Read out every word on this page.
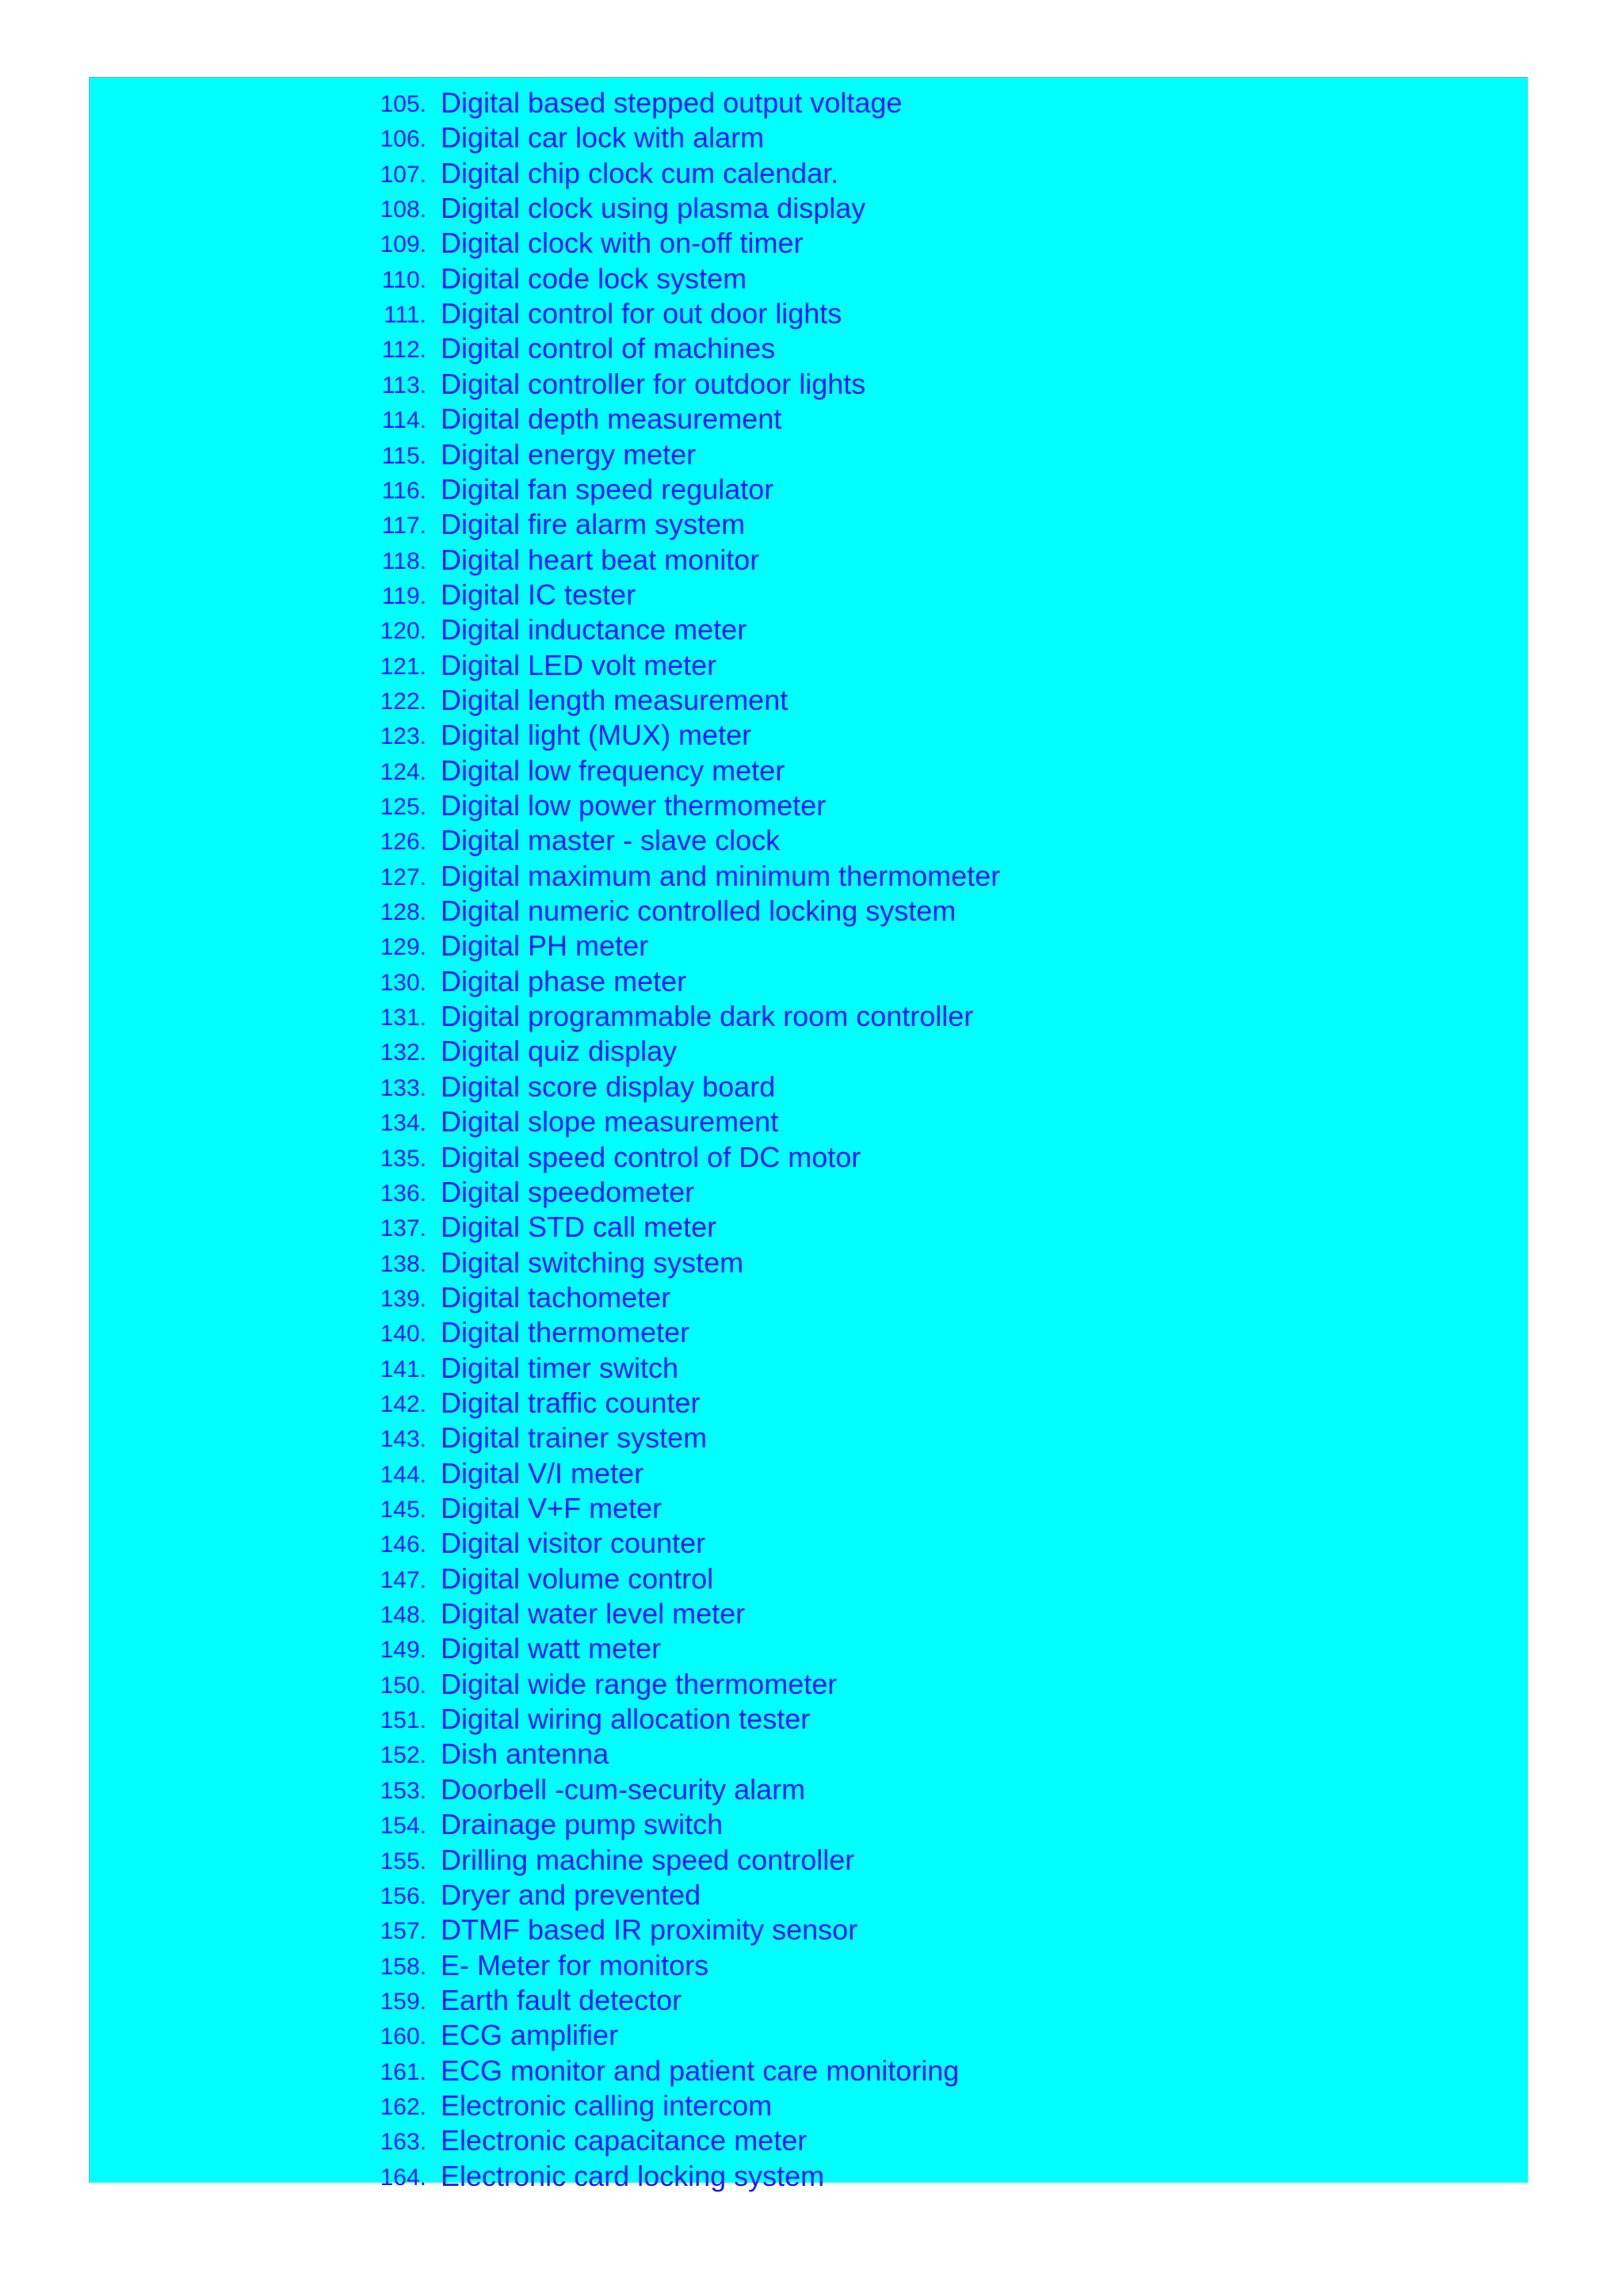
105. Digital based stepped output voltage
106. Digital car lock with alarm
107. Digital chip clock cum calendar.
108. Digital clock using plasma display
109. Digital clock with on-off timer
110. Digital code lock system
111. Digital control for out door lights
112. Digital control of machines
113. Digital controller for outdoor lights
114. Digital depth measurement
115. Digital energy meter
116. Digital fan speed regulator
117. Digital fire alarm system
118. Digital heart beat monitor
119. Digital IC tester
120. Digital inductance meter
121. Digital LED volt meter
122. Digital length measurement
123. Digital light (MUX) meter
124. Digital low frequency meter
125. Digital low power thermometer
126. Digital master - slave clock
127. Digital maximum and minimum thermometer
128. Digital numeric controlled locking system
129. Digital PH meter
130. Digital phase meter
131. Digital programmable dark room controller
132. Digital quiz display
133. Digital score display board
134. Digital slope measurement
135. Digital speed control of DC motor
136. Digital speedometer
137. Digital STD call meter
138. Digital switching system
139. Digital tachometer
140. Digital thermometer
141. Digital timer switch
142. Digital traffic counter
143. Digital trainer system
144. Digital V/I meter
145. Digital V+F meter
146. Digital visitor counter
147. Digital volume control
148. Digital water level meter
149. Digital watt meter
150. Digital wide range thermometer
151. Digital wiring allocation tester
152. Dish antenna
153. Doorbell -cum-security alarm
154. Drainage pump switch
155. Drilling machine speed controller
156. Dryer and prevented
157. DTMF based IR proximity sensor
158. E- Meter for monitors
159. Earth fault detector
160. ECG amplifier
161. ECG monitor and patient care monitoring
162. Electronic calling intercom
163. Electronic capacitance meter
164. Electronic card locking system
